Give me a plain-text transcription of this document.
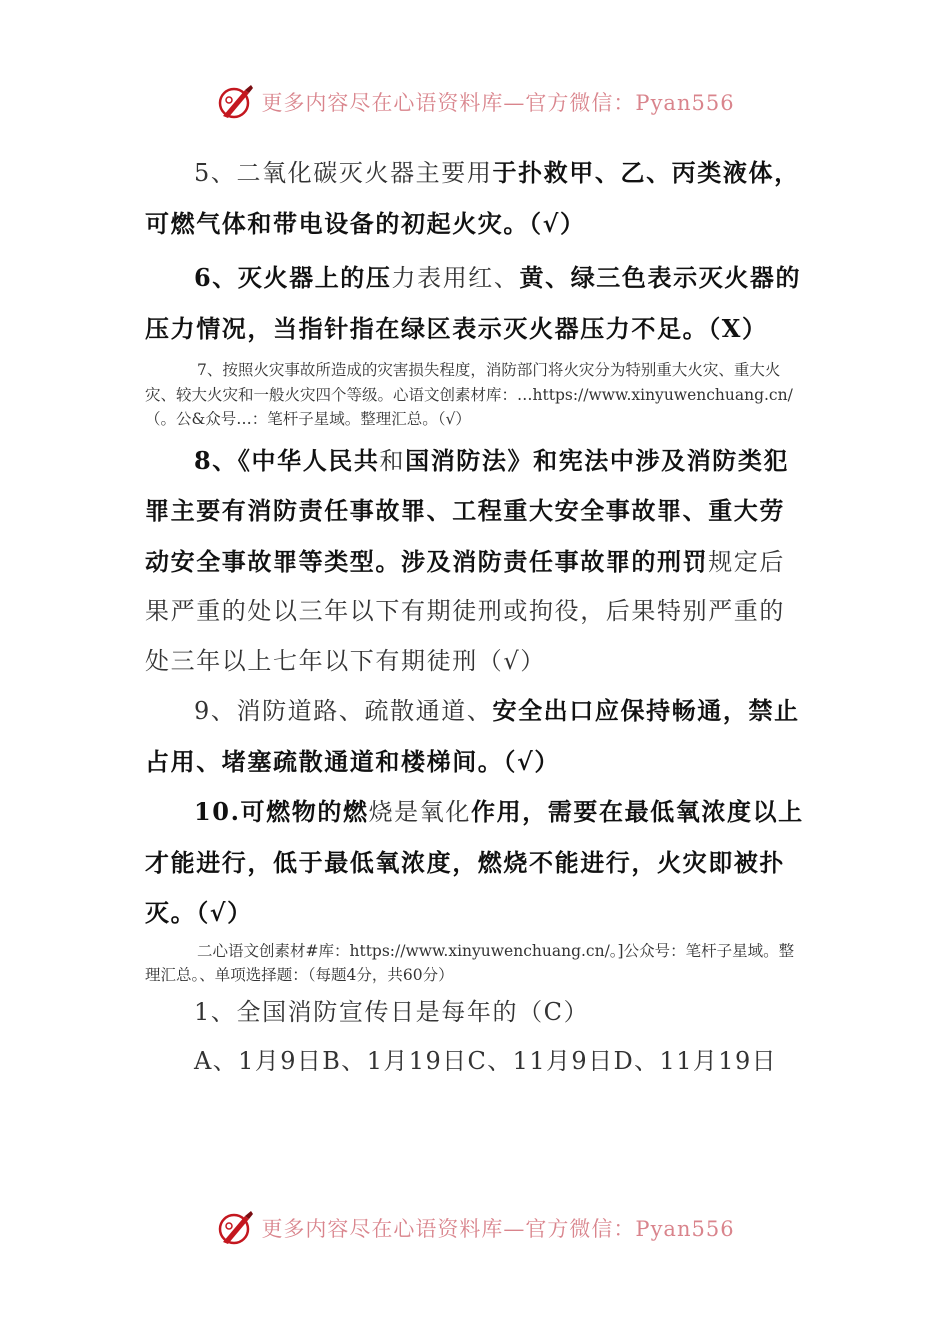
更多内容尽在心语资料库—官方微信：Pyan556

5、二氧化碳灭火器主要用于扑救甲、乙、丙类液体，可燃气体和带电设备的初起火灾。（√）

6、灭火器上的压力表用红、黄、绿三色表示灭火器的压力情况，当指针指在绿区表示灭火器压力不足。（X）

7、按照火灾事故所造成的灾害损失程度，消防部门将火灾分为特别重大火灾、重大火灾、较大火灾和一般火灾四个等级。心语文创素材库：…https://www.xinyuwenchuang.cn/（。公&众号…：笔杆子星域。整理汇总。（√）

8、《中华人民共和国消防法》和宪法中涉及消防类犯罪主要有消防责任事故罪、工程重大安全事故罪、重大劳动安全事故罪等类型。涉及消防责任事故罪的刑罚规定后果严重的处以三年以下有期徒刑或拘役，后果特别严重的处三年以上七年以下有期徒刑（√）

9、消防道路、疏散通道、安全出口应保持畅通，禁止占用、堵塞疏散通道和楼梯间。（√）

10.可燃物的燃烧是氧化作用，需要在最低氧浓度以上才能进行，低于最低氧浓度，燃烧不能进行，火灾即被扑灭。（√）

二心语文创素材#库：https://www.xinyuwenchuang.cn/。]公众号：笔杆子星域。整理汇总。、单项选择题：（每题4分，共60分）

1、全国消防宣传日是每年的（C）

A、1月9日B、1月19日C、11月9日D、11月19日

更多内容尽在心语资料库—官方微信：Pyan556
